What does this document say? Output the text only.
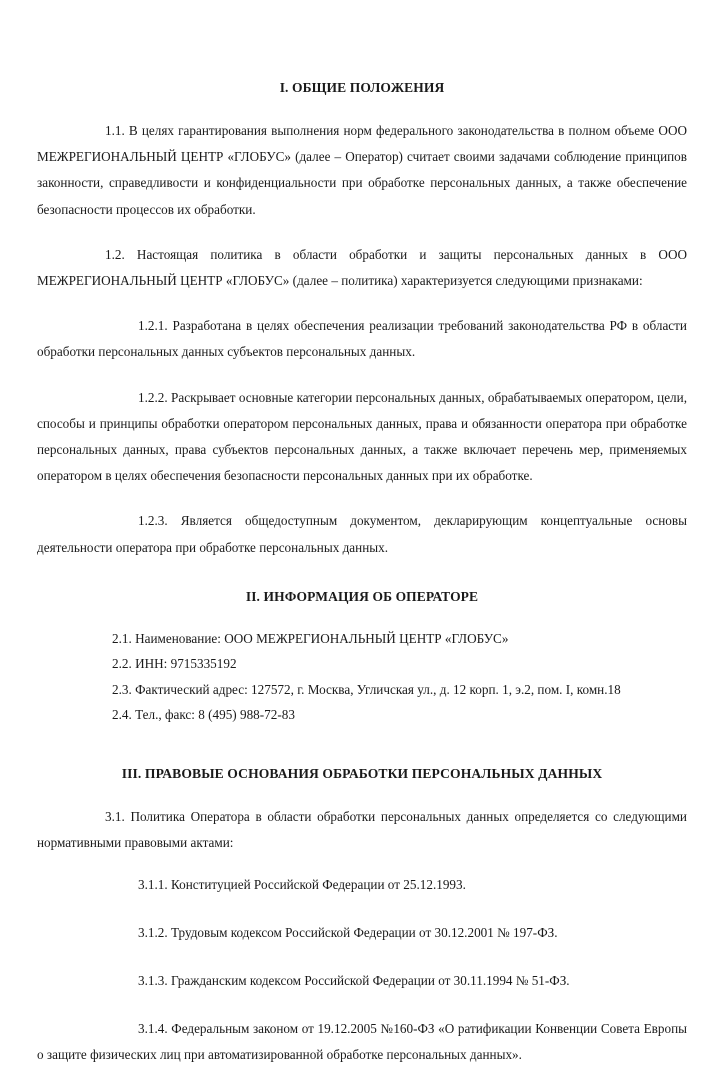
I. ОБЩИЕ ПОЛОЖЕНИЯ

1.1. В целях гарантирования выполнения норм федерального законодательства в полном объеме ООО МЕЖРЕГИОНАЛЬНЫЙ ЦЕНТР «ГЛОБУС» (далее – Оператор) считает своими задачами соблюдение принципов законности, справедливости и конфиденциальности при обработке персональных данных, а также обеспечение безопасности процессов их обработки.

1.2. Настоящая политика в области обработки и защиты персональных данных в ООО МЕЖРЕГИОНАЛЬНЫЙ ЦЕНТР «ГЛОБУС» (далее – политика) характеризуется следующими признаками:

1.2.1. Разработана в целях обеспечения реализации требований законодательства РФ в области обработки персональных данных субъектов персональных данных.

1.2.2. Раскрывает основные категории персональных данных, обрабатываемых оператором, цели, способы и принципы обработки оператором персональных данных, права и обязанности оператора при обработке персональных данных, права субъектов персональных данных, а также включает перечень мер, применяемых оператором в целях обеспечения безопасности персональных данных при их обработке.

1.2.3. Является общедоступным документом, декларирующим концептуальные основы деятельности оператора при обработке персональных данных.

II. ИНФОРМАЦИЯ ОБ ОПЕРАТОРЕ

2.1. Наименование: ООО МЕЖРЕГИОНАЛЬНЫЙ ЦЕНТР «ГЛОБУС»

2.2. ИНН: 9715335192

2.3. Фактический адрес: 127572, г. Москва, Угличская ул., д. 12 корп. 1, э.2, пом. I, комн.18

2.4. Тел., факс: 8 (495) 988-72-83

III. ПРАВОВЫЕ ОСНОВАНИЯ ОБРАБОТКИ ПЕРСОНАЛЬНЫХ ДАННЫХ

3.1. Политика Оператора в области обработки персональных данных определяется со следующими нормативными правовыми актами:

3.1.1. Конституцией Российской Федерации от 25.12.1993.

3.1.2. Трудовым кодексом Российской Федерации от 30.12.2001 № 197-ФЗ.

3.1.3. Гражданским кодексом Российской Федерации от 30.11.1994 № 51-ФЗ.

3.1.4. Федеральным законом от 19.12.2005 №160-ФЗ «О ратификации Конвенции Совета Европы о защите физических лиц при автоматизированной обработке персональных данных».
